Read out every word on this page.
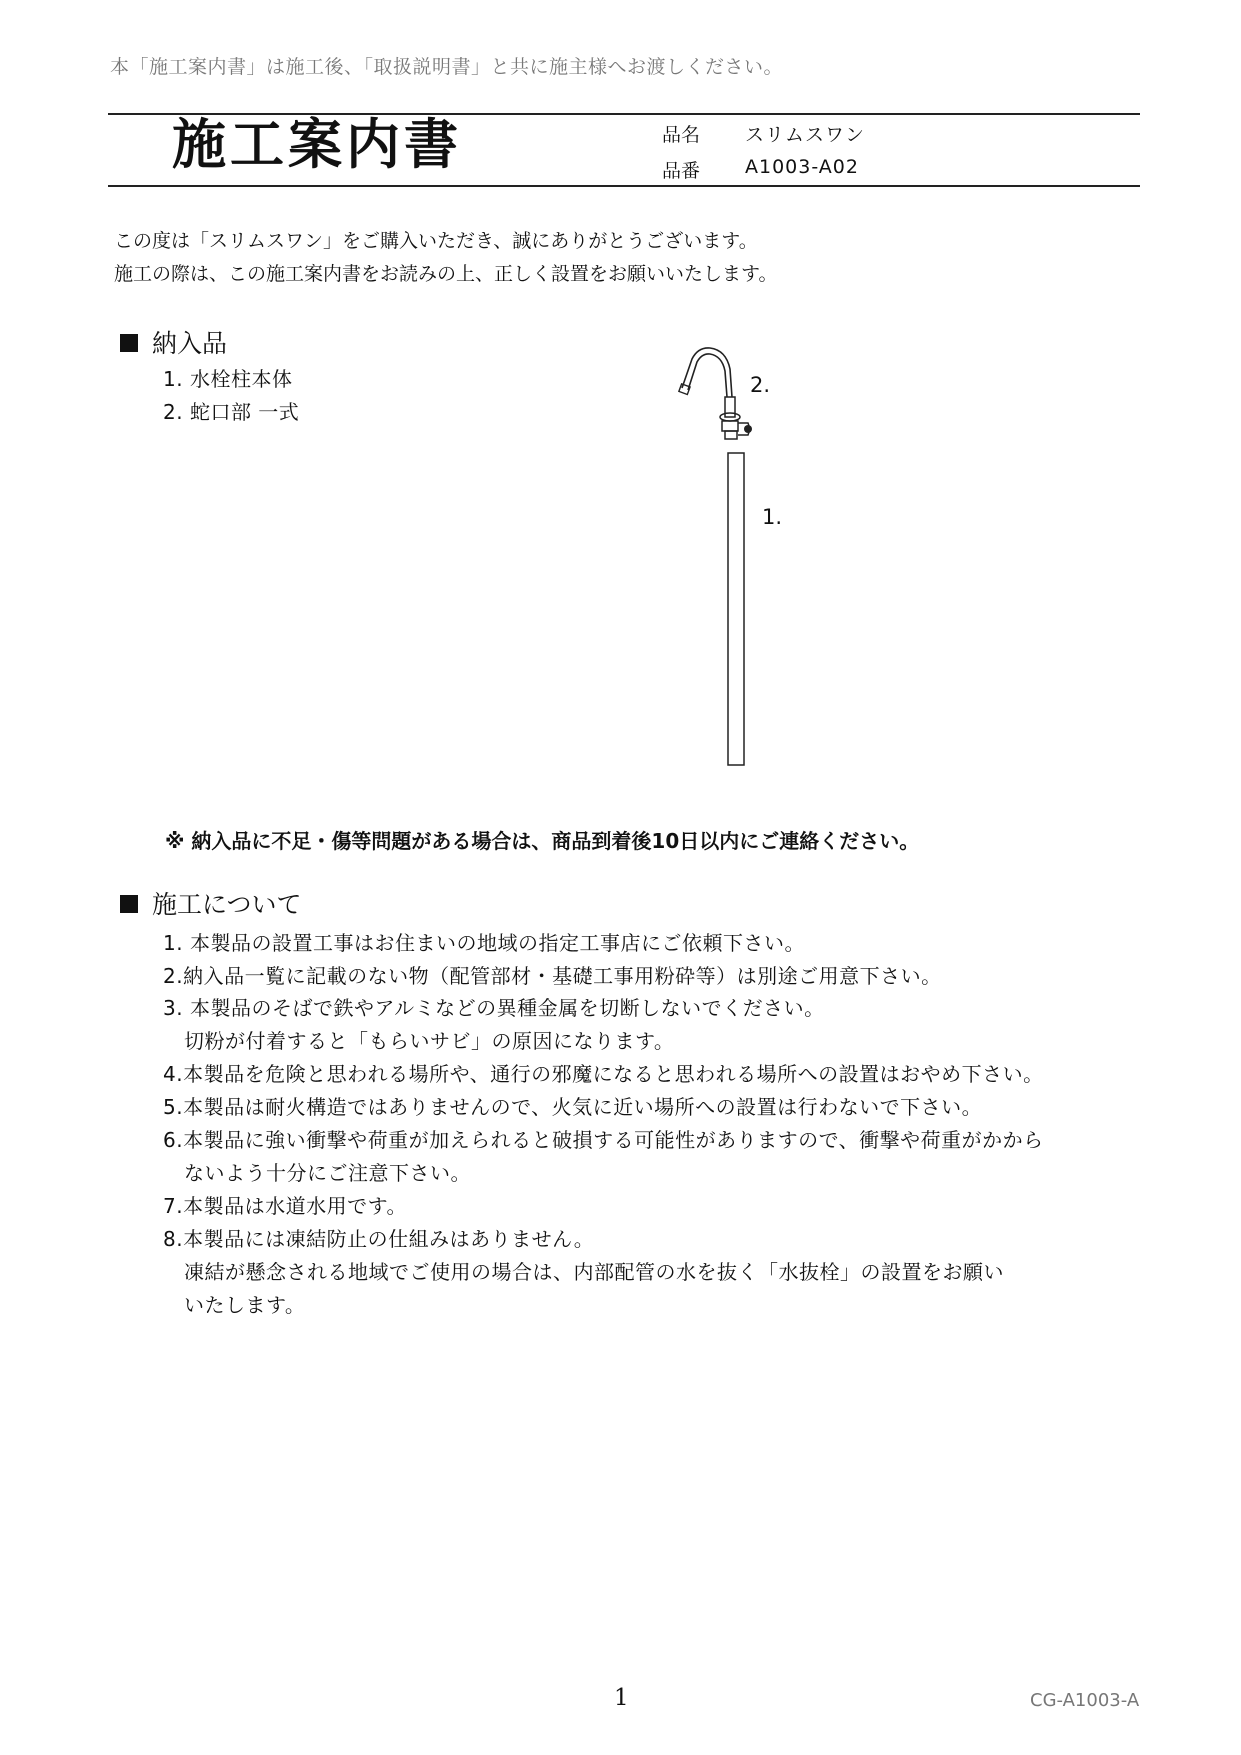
本「施工案内書」は施工後、「取扱説明書」と共に施主様へお渡しください。
施工案内書	品名 スリムスワン
品番 A1003-A02
この度は「スリムスワン」をご購入いただき、誠にありがとうございます。
施工の際は、この施工案内書をお読みの上、正しく設置をお願いいたします。
納入品
1. 水栓柱本体
2. 蛇口部 一式
2.
1.
※ 納入品に不足・傷等問題がある場合は、商品到着後10日以内にご連絡ください。
施工について
1. 本製品の設置工事はお住まいの地域の指定工事店にご依頼下さい。
2.納入品一覧に記載のない物（配管部材・基礎工事用粉砕等）は別途ご用意下さい。
3. 本製品のそばで鉄やアルミなどの異種金属を切断しないでください。
切粉が付着すると「もらいサビ」の原因になります。
4.本製品を危険と思われる場所や、通行の邪魔になると思われる場所への設置はおやめ下さい。
5.本製品は耐火構造ではありませんので、火気に近い場所への設置は行わないで下さい。
6.本製品に強い衝撃や荷重が加えられると破損する可能性がありますので、衝撃や荷重がかから
ないよう十分にご注意下さい。
7.本製品は水道水用です。
8.本製品には凍結防止の仕組みはありません。
凍結が懸念される地域でご使用の場合は、内部配管の水を抜く「水抜栓」の設置をお願い
いたします。
1	CG-A1003-A
